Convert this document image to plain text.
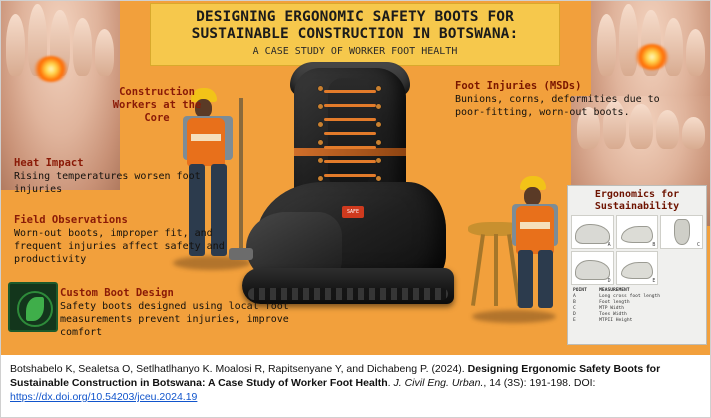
DESIGNING ERGONOMIC SAFETY BOOTS FOR
SUSTAINABLE CONSTRUCTION IN BOTSWANA:
A CASE STUDY OF WORKER FOOT HEALTH
SAFE
Construction Workers at the Core
Heat Impact
Rising temperatures worsen foot injuries
Field Observations
Worn-out boots, improper fit, and frequent injuries affect safety and productivity
Custom Boot Design
Safety boots designed using local foot measurements prevent injuries, improve comfort
Foot Injuries (MSDs)
Bunions, corns, deformities due to poor-fitting, worn-out boots.
Ergonomics for Sustainability
A	B	C
D	E
POINT	MEASUREMENT
A	Long cross foot length
B	Foot length
C	MTP Width
D	Toes Width
E	MTPII Height
Botshabelo K, Sealetsa O, Setlhatlhanyo K. Moalosi R, Rapitsenyane Y, and Dichabeng P. (2024). Designing Ergonomic Safety Boots for Sustainable Construction in Botswana: A Case Study of Worker Foot Health. J. Civil Eng. Urban., 14 (3S): 191-198. DOI: https://dx.doi.org/10.54203/jceu.2024.19
